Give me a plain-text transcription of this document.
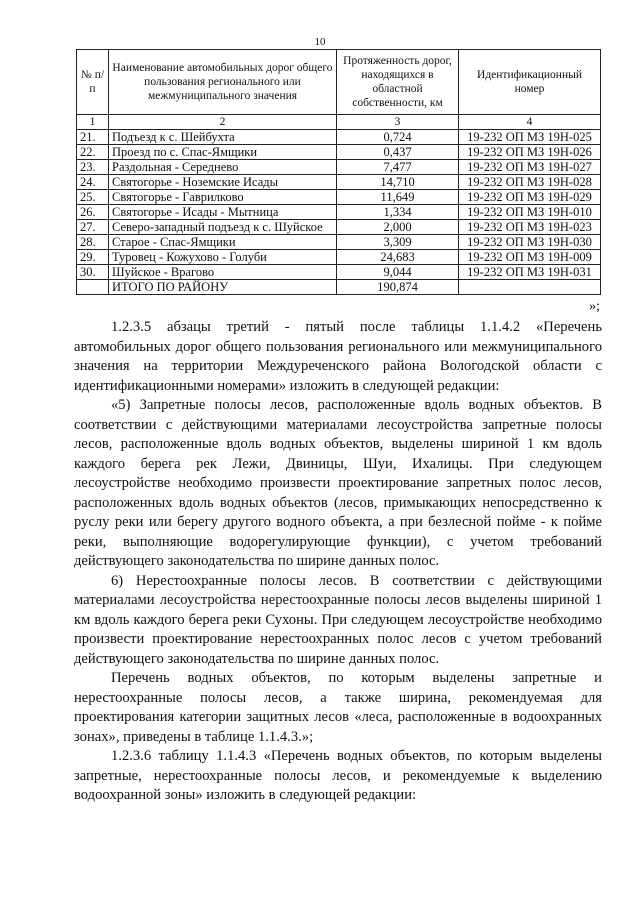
10
№ п/п	Наименование автомобильных дорог общего пользования регионального или межмуниципального значения	Протяженность дорог, находящихся в областной собственности, км	Идентификационный номер
1	2	3	4
21.	Подъезд к с. Шейбухта	0,724	19-232 ОП МЗ 19Н-025
22.	Проезд по с. Спас-Ямщики	0,437	19-232 ОП МЗ 19Н-026
23.	Раздольная - Середнево	7,477	19-232 ОП МЗ 19Н-027
24.	Святогорье - Ноземские Исады	14,710	19-232 ОП МЗ 19Н-028
25.	Святогорье - Гаврилково	11,649	19-232 ОП МЗ 19Н-029
26.	Святогорье - Исады - Мытница	1,334	19-232 ОП МЗ 19Н-010
27.	Северо-западный подъезд к с. Шуйское	2,000	19-232 ОП МЗ 19Н-023
28.	Старое - Спас-Ямщики	3,309	19-232 ОП МЗ 19Н-030
29.	Туровец - Кожухово - Голуби	24,683	19-232 ОП МЗ 19Н-009
30.	Шуйское - Врагово	9,044	19-232 ОП МЗ 19Н-031
	ИТОГО ПО РАЙОНУ	190,874	
»;

1.2.3.5 абзацы третий - пятый после таблицы 1.1.4.2 «Перечень автомобильных дорог общего пользования регионального или межмуниципального значения на территории Междуреченского района Вологодской области с идентификационными номерами» изложить в следующей редакции:

«5) Запретные полосы лесов, расположенные вдоль водных объектов. В соответствии с действующими материалами лесоустройства запретные полосы лесов, расположенные вдоль водных объектов, выделены шириной 1 км вдоль каждого берега рек Лежи, Двиницы, Шуи, Ихалицы. При следующем лесоустройстве необходимо произвести проектирование запретных полос лесов, расположенных вдоль водных объектов (лесов, примыкающих непосредственно к руслу реки или берегу другого водного объекта, а при безлесной пойме - к пойме реки, выполняющие водорегулирующие функции), с учетом требований действующего законодательства по ширине данных полос.

6) Нерестоохранные полосы лесов. В соответствии с действующими материалами лесоустройства нерестоохранные полосы лесов выделены шириной 1 км вдоль каждого берега реки Сухоны. При следующем лесоустройстве необходимо произвести проектирование нерестоохранных полос лесов с учетом требований действующего законодательства по ширине данных полос.

Перечень водных объектов, по которым выделены запретные и нерестоохранные полосы лесов, а также ширина, рекомендуемая для проектирования категории защитных лесов «леса, расположенные в водоохранных зонах», приведены в таблице 1.1.4.3.»;

1.2.3.6 таблицу 1.1.4.3 «Перечень водных объектов, по которым выделены запретные, нерестоохранные полосы лесов, и рекомендуемые к выделению водоохранной зоны» изложить в следующей редакции:
